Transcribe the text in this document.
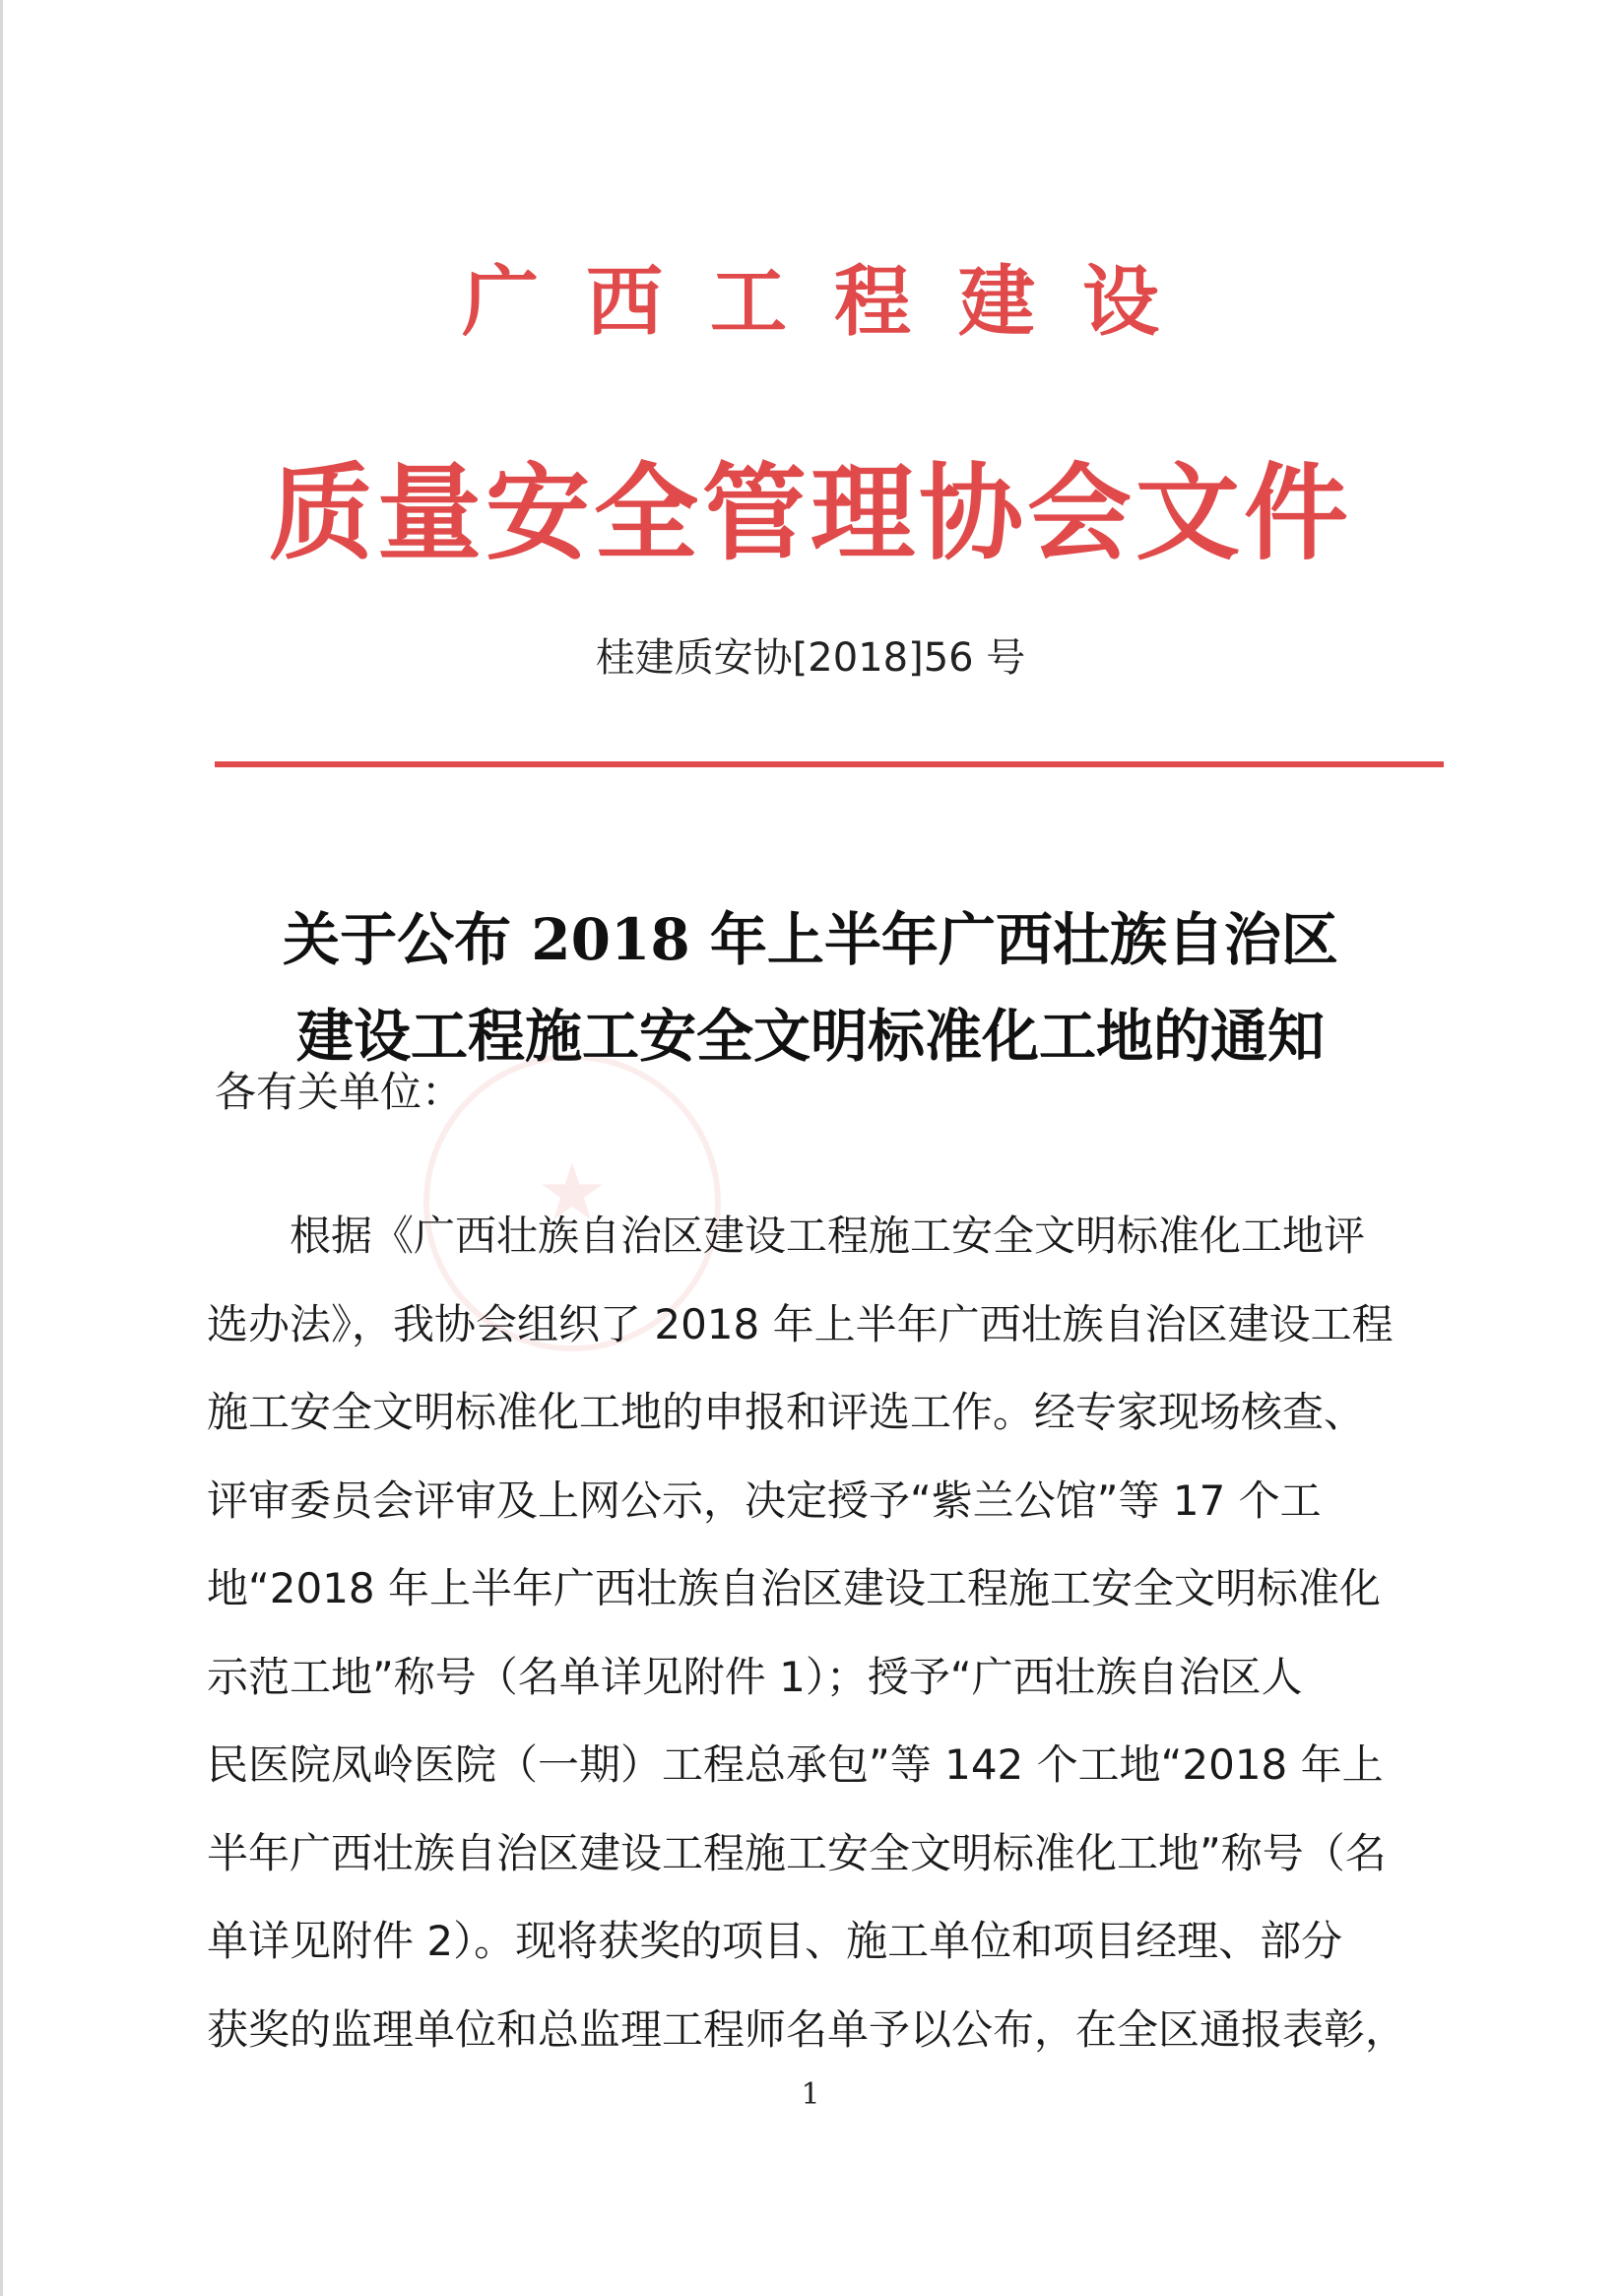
广西工程建设
质量安全管理协会文件
桂建质安协[2018]56 号
★
关于公布 2018 年上半年广西壮族自治区
建设工程施工安全文明标准化工地的通知
各有关单位：
根据《广西壮族自治区建设工程施工安全文明标准化工地评
选办法》，我协会组织了 2018 年上半年广西壮族自治区建设工程
施工安全文明标准化工地的申报和评选工作。经专家现场核查、
评审委员会评审及上网公示，决定授予“紫兰公馆”等 17 个工
地“2018 年上半年广西壮族自治区建设工程施工安全文明标准化
示范工地”称号（名单详见附件 1）；授予“广西壮族自治区人
民医院凤岭医院（一期）工程总承包”等 142 个工地“2018 年上
半年广西壮族自治区建设工程施工安全文明标准化工地”称号（名
单详见附件 2）。现将获奖的项目、施工单位和项目经理、部分
获奖的监理单位和总监理工程师名单予以公布，在全区通报表彰，
1
